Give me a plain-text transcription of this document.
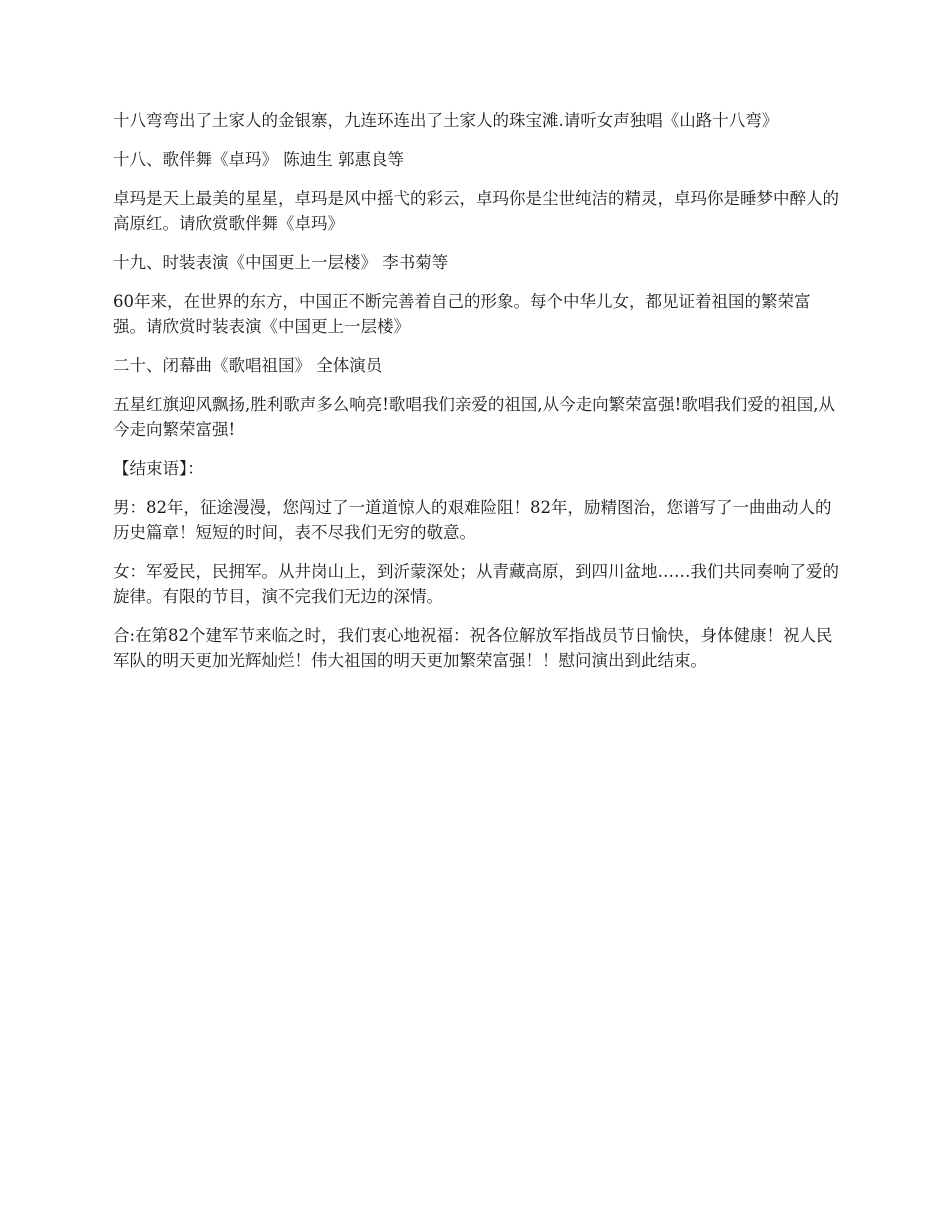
十八弯弯出了土家人的金银寨，九连环连出了土家人的珠宝滩.请听女声独唱《山路十八弯》

十八、歌伴舞《卓玛》 陈迪生 郭惠良等

卓玛是天上最美的星星，卓玛是风中摇弋的彩云，卓玛你是尘世纯洁的精灵，卓玛你是睡梦中醉人的高原红。请欣赏歌伴舞《卓玛》

十九、时装表演《中国更上一层楼》 李书菊等

60年来，在世界的东方，中国正不断完善着自己的形象。每个中华儿女，都见证着祖国的繁荣富强。请欣赏时装表演《中国更上一层楼》

二十、闭幕曲《歌唱祖国》 全体演员

五星红旗迎风飘扬,胜利歌声多么响亮!歌唱我们亲爱的祖国,从今走向繁荣富强!歌唱我们爱的祖国,从今走向繁荣富强!

【结束语】：

男：82年，征途漫漫，您闯过了一道道惊人的艰难险阻！82年，励精图治，您谱写了一曲曲动人的历史篇章！短短的时间，表不尽我们无穷的敬意。

女：军爱民，民拥军。从井岗山上，到沂蒙深处；从青藏高原，到四川盆地……我们共同奏响了爱的旋律。有限的节目，演不完我们无边的深情。

合:在第82个建军节来临之时，我们衷心地祝福：祝各位解放军指战员节日愉快，身体健康！祝人民军队的明天更加光辉灿烂！伟大祖国的明天更加繁荣富强！！慰问演出到此结束。
